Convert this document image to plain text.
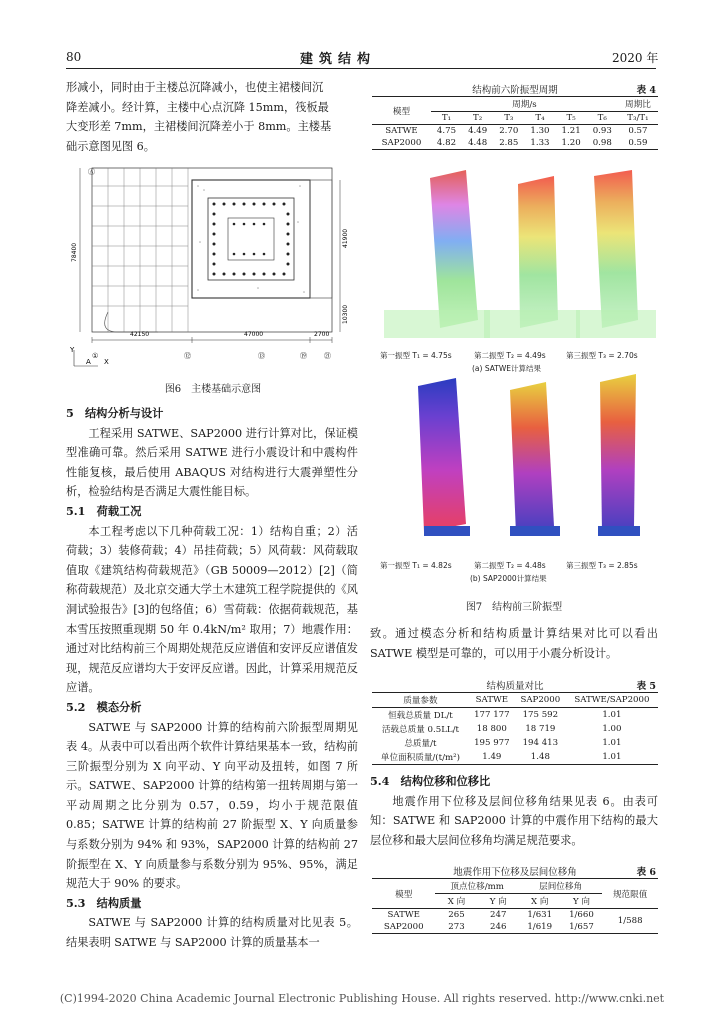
80	建筑结构	2020 年

形减小，同时由于主楼总沉降减小，也使主裙楼间沉

降差减小。经计算，主楼中心点沉降 15mm，筏板最

大变形差 7mm，主裙楼间沉降差小于 8mm。主楼基

础示意图见图 6。

42150	47000	2700
78400
41900
10300
Y
X
A
Ⓐ
①	⑫	⑬	⑲ ㉑
图6　主楼基础示意图

5　结构分析与设计

工程采用 SATWE、SAP2000 进行计算对比，保证模型准确可靠。然后采用 SATWE 进行小震设计和中震构件性能复核，最后使用 ABAQUS 对结构进行大震弹塑性分析，检验结构是否满足大震性能目标。

5.1　荷载工况

本工程考虑以下几种荷载工况：1）结构自重；2）活荷载；3）装修荷载；4）吊挂荷载；5）风荷载：风荷载取值取《建筑结构荷载规范》（GB 50009—2012）[2]（简称荷载规范）及北京交通大学土木建筑工程学院提供的《风洞试验报告》[3]的包络值；6）雪荷载：依据荷载规范，基本雪压按照重现期 50 年 0.4kN/m² 取用；7）地震作用：通过对比结构前三个周期处规范反应谱值和安评反应谱值发现，规范反应谱均大于安评反应谱。因此，计算采用规范反应谱。

5.2　模态分析

SATWE 与 SAP2000 计算的结构前六阶振型周期见表 4。从表中可以看出两个软件计算结果基本一致，结构前三阶振型分别为 X 向平动、Y 向平动及扭转，如图 7 所示。SATWE、SAP2000 计算的结构第一扭转周期与第一平动周期之比分别为 0.57，0.59，均小于规范限值 0.85；SATWE 计算的结构前 27 阶振型 X、Y 向质量参与系数分别为 94% 和 93%，SAP2000 计算的结构前 27 阶振型在 X、Y 向质量参与系数分别为 95%、95%，满足规范大于 90% 的要求。

5.3　结构质量

SATWE 与 SAP2000 计算的结构质量对比见表 5。结果表明 SATWE 与 SAP2000 计算的质量基本一

结构前六阶振型周期	表 4
模型	周期/s						周期比
	T₁	T₂	T₃	T₄	T₅	T₆	T₃/T₁
SATWE	4.75	4.49	2.70	1.30	1.21	0.93	0.57
SAP2000	4.82	4.48	2.85	1.33	1.20	0.98	0.59
第一振型 T₁ = 4.75s	第二振型 T₂ = 4.49s	第三振型 T₃ = 2.70s
(a) SATWE计算结果
第一振型 T₁ = 4.82s	第二振型 T₂ = 4.48s	第三振型 T₃ = 2.85s
(b) SAP2000计算结果
图7　结构前三阶振型

致。通过模态分析和结构质量计算结果对比可以看出 SATWE 模型是可靠的，可以用于小震分析设计。

结构质量对比	表 5
质量参数	SATWE	SAP2000	SATWE/SAP2000
恒载总质量 DL/t	177 177	175 592	1.01
活载总质量 0.5LL/t	18 800	18 719	1.00
总质量/t	195 977	194 413	1.01
单位面积质量/(t/m²)	1.49	1.48	1.01

5.4　结构位移和位移比

地震作用下位移及层间位移角结果见表 6。由表可知：SATWE 和 SAP2000 计算的中震作用下结构的最大层位移和最大层间位移角均满足规范要求。

地震作用下位移及层间位移角	表 6
模型	顶点位移/mm		层间位移角		规范限值
	X 向	Y 向	X 向	Y 向	
SATWE	265	247	1/631	1/660	1/588
SAP2000	273	246	1/619	1/657	
(C)1994-2020 China Academic Journal Electronic Publishing House. All rights reserved. http://www.cnki.net
